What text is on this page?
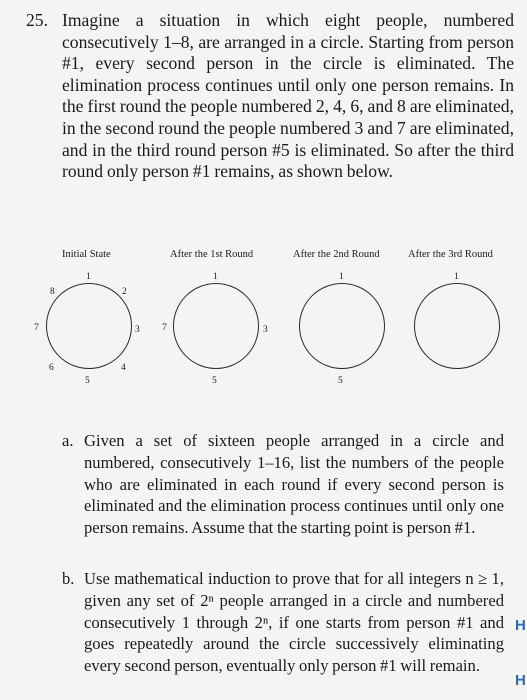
25. Imagine a situation in which eight people, numbered consecutively 1–8, are arranged in a circle. Starting from person #1, every second person in the circle is eliminated. The elimination process continues until only one person remains. In the first round the people numbered 2, 4, 6, and 8 are eliminated, in the second round the people numbered 3 and 7 are eliminated, and in the third round person #5 is eliminated. So after the third round only person #1 remains, as shown below.
Initial State
1
2
3
4
5
6
7
8
After the 1st Round
1
3
5
7
After the 2nd Round
1
5
After the 3rd Round
1
a. Given a set of sixteen people arranged in a circle and numbered, consecutively 1–16, list the numbers of the people who are eliminated in each round if every second person is eliminated and the elimination process continues until only one person remains. Assume that the starting point is person #1.
b. Use mathematical induction to prove that for all integers n ≥ 1, given any set of 2ⁿ people arranged in a circle and numbered consecutively 1 through 2ⁿ, if one starts from person #1 and goes repeatedly around the circle successively eliminating every second person, eventually only person #1 will remain.
H
H
